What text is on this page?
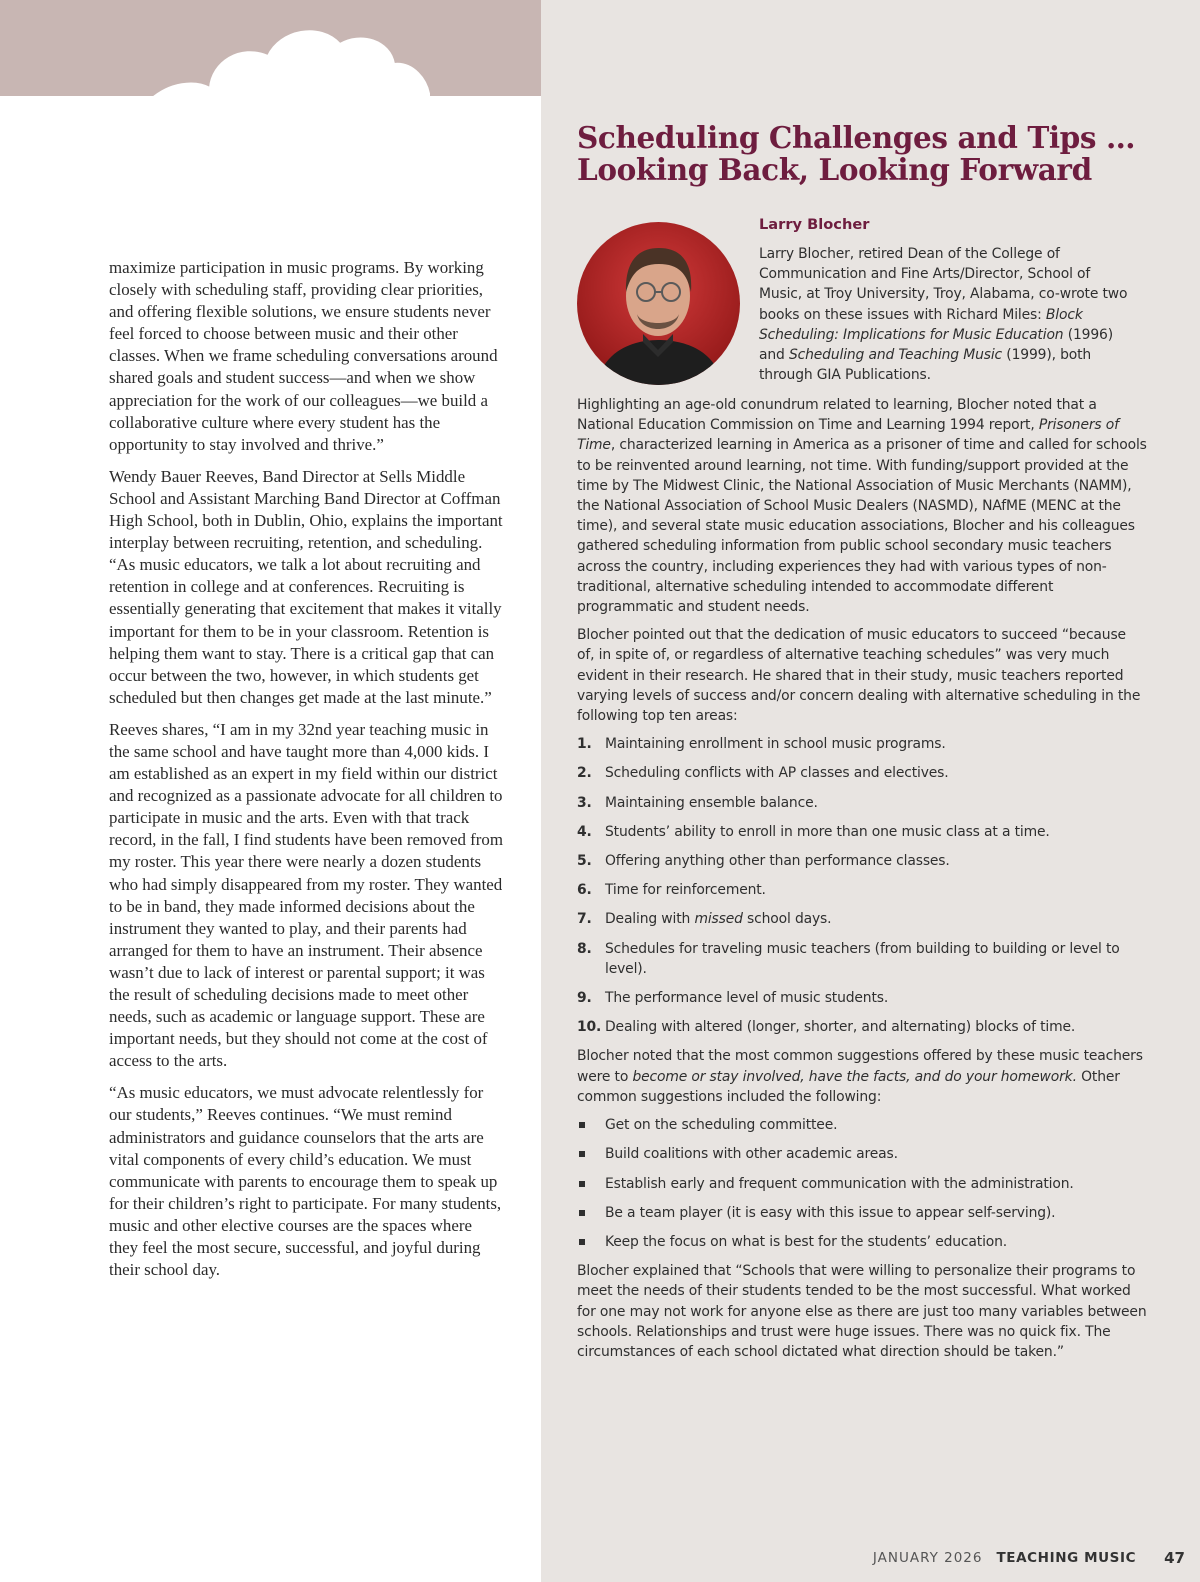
maximize participation in music programs. By working closely with scheduling staff, providing clear priorities, and offering flexible solutions, we ensure students never feel forced to choose between music and their other classes. When we frame scheduling conversations around shared goals and student success—and when we show appreciation for the work of our colleagues—we build a collaborative culture where every student has the opportunity to stay involved and thrive.”

Wendy Bauer Reeves, Band Director at Sells Middle School and Assistant Marching Band Director at Coffman High School, both in Dublin, Ohio, explains the important interplay between recruiting, retention, and scheduling. “As music educators, we talk a lot about recruiting and retention in college and at conferences. Recruiting is essentially generating that excitement that makes it vitally important for them to be in your classroom. Retention is helping them want to stay. There is a critical gap that can occur between the two, however, in which students get scheduled but then changes get made at the last minute.”

Reeves shares, “I am in my 32nd year teaching music in the same school and have taught more than 4,000 kids. I am established as an expert in my field within our district and recognized as a passionate advocate for all children to participate in music and the arts. Even with that track record, in the fall, I find students have been removed from my roster. This year there were nearly a dozen students who had simply disappeared from my roster. They wanted to be in band, they made informed decisions about the instrument they wanted to play, and their parents had arranged for them to have an instrument. Their absence wasn’t due to lack of interest or parental support; it was the result of scheduling decisions made to meet other needs, such as academic or language support. These are important needs, but they should not come at the cost of access to the arts.

“As music educators, we must advocate relentlessly for our students,” Reeves continues. “We must remind administrators and guidance counselors that the arts are vital components of every child’s education. We must communicate with parents to encourage them to speak up for their children’s right to participate. For many students, music and other elective courses are the spaces where they feel the most secure, successful, and joyful during their school day.

Scheduling Challenges and Tips …
Looking Back, Looking Forward
Larry Blocher

Larry Blocher, retired Dean of the College of Communication and Fine Arts/Director, School of Music, at Troy University, Troy, Alabama, co-wrote two books on these issues with Richard Miles: Block Scheduling: Implications for Music Education (1996) and Scheduling and Teaching Music (1999), both through GIA Publications.

Highlighting an age-old conundrum related to learning, Blocher noted that a National Education Commission on Time and Learning 1994 report, Prisoners of Time, characterized learning in America as a prisoner of time and called for schools to be reinvented around learning, not time. With funding/support provided at the time by The Midwest Clinic, the National Association of Music Merchants (NAMM), the National Association of School Music Dealers (NASMD), NAfME (MENC at the time), and several state music education associations, Blocher and his colleagues gathered scheduling information from public school secondary music teachers across the country, including experiences they had with various types of non-traditional, alternative scheduling intended to accommodate different programmatic and student needs.

Blocher pointed out that the dedication of music educators to succeed “because of, in spite of, or regardless of alternative teaching schedules” was very much evident in their research. He shared that in their study, music teachers reported varying levels of success and/or concern dealing with alternative scheduling in the following top ten areas:

1. Maintaining enrollment in school music programs.
2. Scheduling conflicts with AP classes and electives.
3. Maintaining ensemble balance.
4. Students’ ability to enroll in more than one music class at a time.
5. Offering anything other than performance classes.
6. Time for reinforcement.
7. Dealing with missed school days.
8. Schedules for traveling music teachers (from building to building or level to level).
9. The performance level of music students.
10. Dealing with altered (longer, shorter, and alternating) blocks of time.

Blocher noted that the most common suggestions offered by these music teachers were to become or stay involved, have the facts, and do your homework. Other common suggestions included the following:

Get on the scheduling committee.
Build coalitions with other academic areas.
Establish early and frequent communication with the administration.
Be a team player (it is easy with this issue to appear self-serving).
Keep the focus on what is best for the students’ education.

Blocher explained that “Schools that were willing to personalize their programs to meet the needs of their students tended to be the most successful. What worked for one may not work for anyone else as there are just too many variables between schools. Relationships and trust were huge issues. There was no quick fix. The circumstances of each school dictated what direction should be taken.”

JANUARY 2026 TEACHING MUSIC 47
